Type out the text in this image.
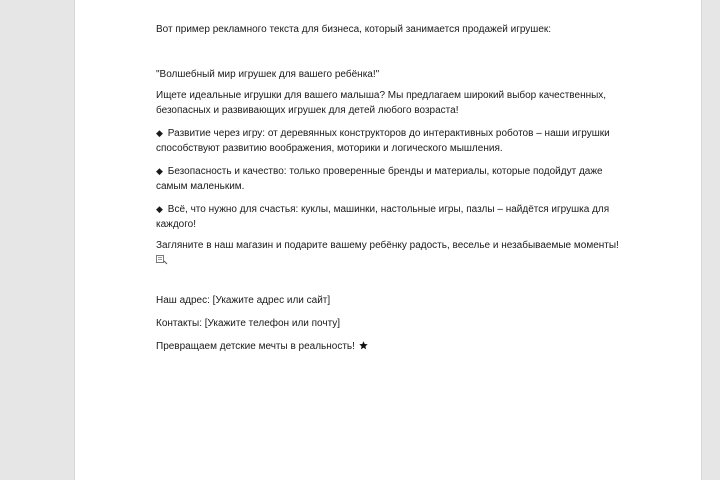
Вот пример рекламного текста для бизнеса, который занимается продажей игрушек:

"Волшебный мир игрушек для вашего ребёнка!"

Ищете идеальные игрушки для вашего малыша? Мы предлагаем широкий выбор качественных, безопасных и развивающих игрушек для детей любого возраста!

◆ Развитие через игру: от деревянных конструкторов до интерактивных роботов – наши игрушки способствуют развитию воображения, моторики и логического мышления.

◆ Безопасность и качество: только проверенные бренды и материалы, которые подойдут даже самым маленьким.

◆ Всё, что нужно для счастья: куклы, машинки, настольные игры, пазлы – найдётся игрушка для каждого!

Загляните в наш магазин и подарите вашему ребёнку радость, веселье и незабываемые моменты!

Наш адрес: [Укажите адрес или сайт]

Контакты: [Укажите телефон или почту]

Превращаем детские мечты в реальность!
